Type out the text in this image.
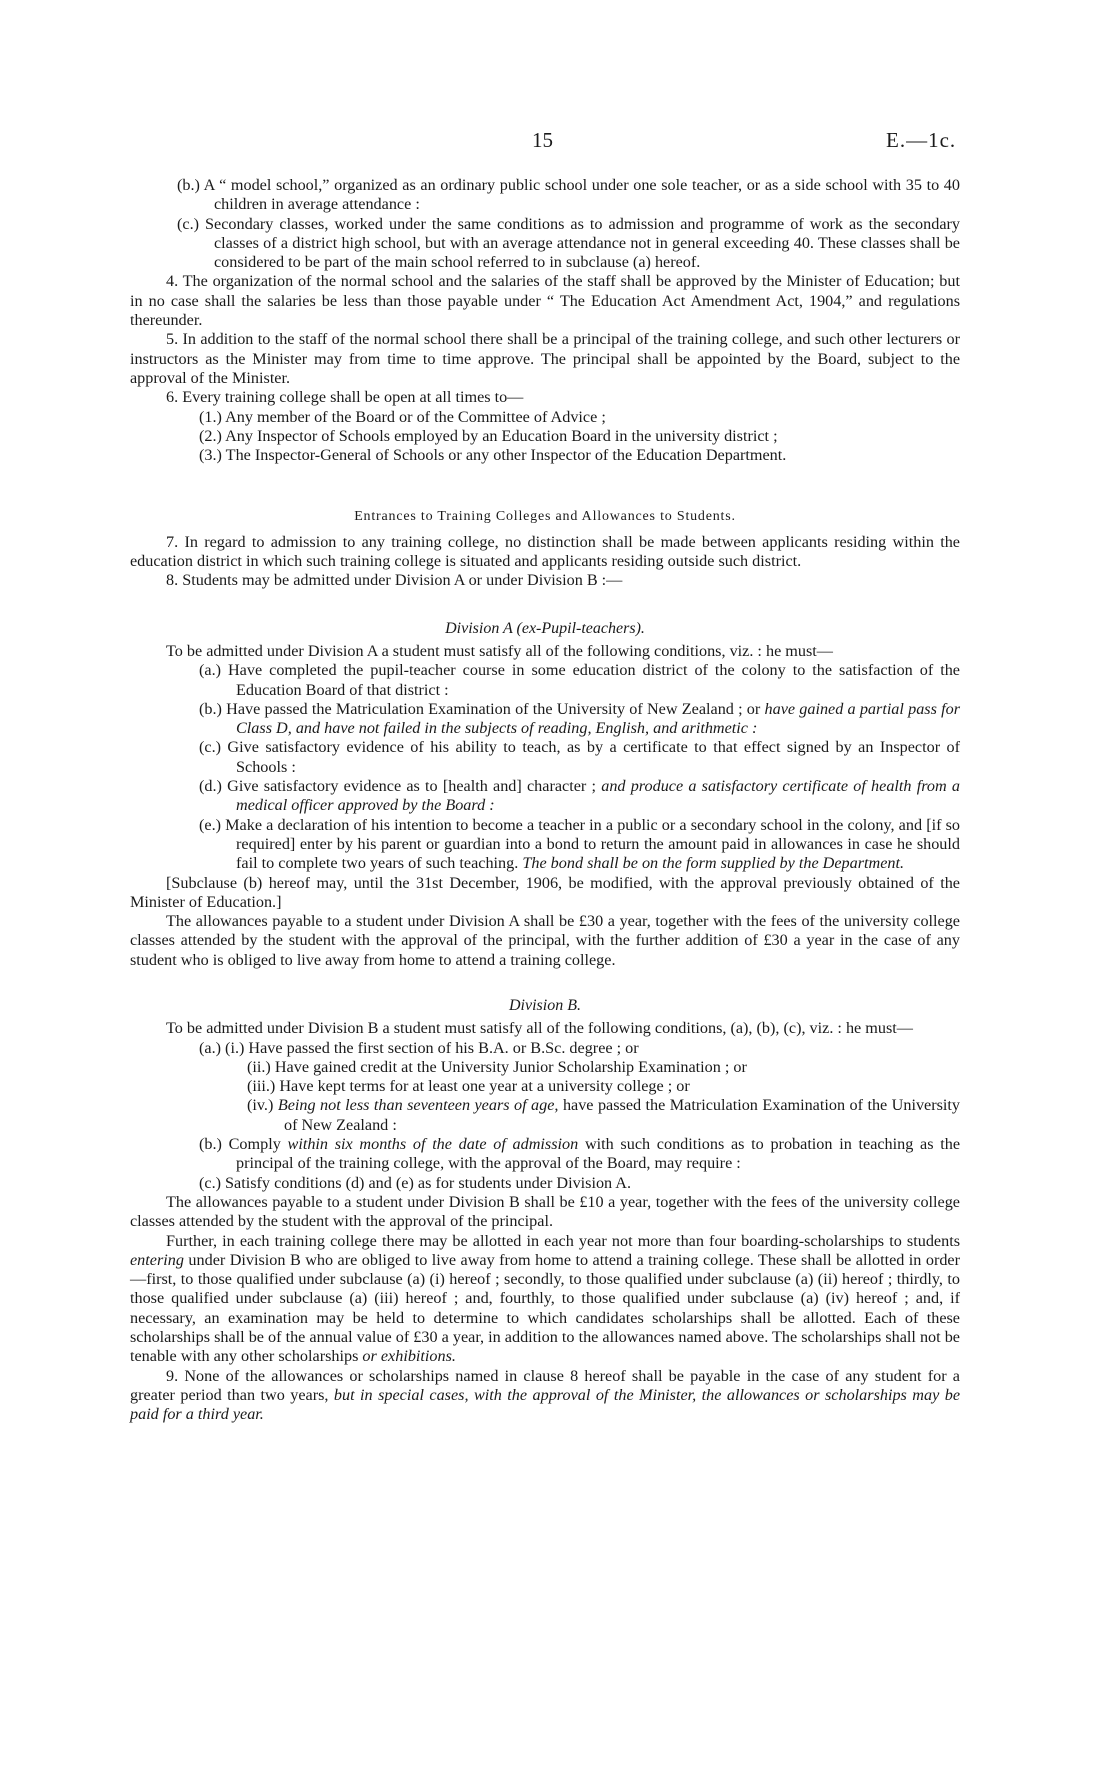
15	E.—1c.

(b.) A “ model school,” organized as an ordinary public school under one sole teacher, or as a side school with 35 to 40 children in average attendance :

(c.) Secondary classes, worked under the same conditions as to admission and programme of work as the secondary classes of a district high school, but with an average attendance not in general exceeding 40. These classes shall be considered to be part of the main school referred to in subclause (a) hereof.

4. The organization of the normal school and the salaries of the staff shall be approved by the Minister of Education; but in no case shall the salaries be less than those payable under “ The Education Act Amendment Act, 1904,” and regulations thereunder.

5. In addition to the staff of the normal school there shall be a principal of the training college, and such other lecturers or instructors as the Minister may from time to time approve. The principal shall be appointed by the Board, subject to the approval of the Minister.

6. Every training college shall be open at all times to—

(1.) Any member of the Board or of the Committee of Advice ;

(2.) Any Inspector of Schools employed by an Education Board in the university district ;

(3.) The Inspector-General of Schools or any other Inspector of the Education Department.

Entrances to Training Colleges and Allowances to Students.

7. In regard to admission to any training college, no distinction shall be made between applicants residing within the education district in which such training college is situated and applicants residing outside such district.

8. Students may be admitted under Division A or under Division B :—

Division A (ex-Pupil-teachers).

To be admitted under Division A a student must satisfy all of the following conditions, viz. : he must—

(a.) Have completed the pupil-teacher course in some education district of the colony to the satisfaction of the Education Board of that district :

(b.) Have passed the Matriculation Examination of the University of New Zealand ; or have gained a partial pass for Class D, and have not failed in the subjects of reading, English, and arithmetic :

(c.) Give satisfactory evidence of his ability to teach, as by a certificate to that effect signed by an Inspector of Schools :

(d.) Give satisfactory evidence as to [health and] character ; and produce a satisfactory certificate of health from a medical officer approved by the Board :

(e.) Make a declaration of his intention to become a teacher in a public or a secondary school in the colony, and [if so required] enter by his parent or guardian into a bond to return the amount paid in allowances in case he should fail to complete two years of such teaching. The bond shall be on the form supplied by the Department.

[Subclause (b) hereof may, until the 31st December, 1906, be modified, with the approval previously obtained of the Minister of Education.]

The allowances payable to a student under Division A shall be £30 a year, together with the fees of the university college classes attended by the student with the approval of the principal, with the further addition of £30 a year in the case of any student who is obliged to live away from home to attend a training college.

Division B.

To be admitted under Division B a student must satisfy all of the following conditions, (a), (b), (c), viz. : he must—

(a.) (i.) Have passed the first section of his B.A. or B.Sc. degree ; or

(ii.) Have gained credit at the University Junior Scholarship Examination ; or

(iii.) Have kept terms for at least one year at a university college ; or

(iv.) Being not less than seventeen years of age, have passed the Matriculation Examination of the University of New Zealand :

(b.) Comply within six months of the date of admission with such conditions as to probation in teaching as the principal of the training college, with the approval of the Board, may require :

(c.) Satisfy conditions (d) and (e) as for students under Division A.

The allowances payable to a student under Division B shall be £10 a year, together with the fees of the university college classes attended by the student with the approval of the principal.

Further, in each training college there may be allotted in each year not more than four boarding-scholarships to students entering under Division B who are obliged to live away from home to attend a training college. These shall be allotted in order—first, to those qualified under subclause (a) (i) hereof ; secondly, to those qualified under subclause (a) (ii) hereof ; thirdly, to those qualified under subclause (a) (iii) hereof ; and, fourthly, to those qualified under subclause (a) (iv) hereof ; and, if necessary, an examination may be held to determine to which candidates scholarships shall be allotted. Each of these scholarships shall be of the annual value of £30 a year, in addition to the allowances named above. The scholarships shall not be tenable with any other scholarships or exhibitions.

9. None of the allowances or scholarships named in clause 8 hereof shall be payable in the case of any student for a greater period than two years, but in special cases, with the approval of the Minister, the allowances or scholarships may be paid for a third year.
